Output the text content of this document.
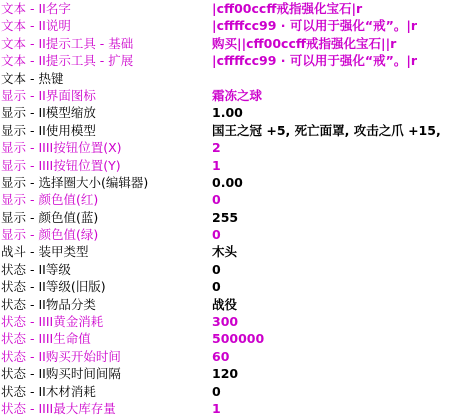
文本 - II名字	|cff00ccff戒指强化宝石|r
文本 - II说明	|cffffcc99 · 可以用于强化“戒”。|r
文本 - II提示工具 - 基础	购买||cff00ccff戒指强化宝石||r
文本 - II提示工具 - 扩展	|cffffcc99 · 可以用于强化“戒”。|r
文本 - 热键
显示 - II界面图标	霜冻之球
显示 - II模型缩放	1.00
显示 - II使用模型	国王之冠 +5, 死亡面罩, 攻击之爪 +15,
显示 - IIII按钮位置(X)	2
显示 - IIII按钮位置(Y)	1
显示 - 选择圈大小(编辑器)	0.00
显示 - 颜色值(红)	0
显示 - 颜色值(蓝)	255
显示 - 颜色值(绿)	0
战斗 - 装甲类型	木头
状态 - II等级	0
状态 - II等级(旧版)	0
状态 - II物品分类	战役
状态 - IIII黄金消耗	300
状态 - IIII生命值	500000
状态 - II购买开始时间	60
状态 - II购买时间间隔	120
状态 - II木材消耗	0
状态 - IIII最大库存量	1
